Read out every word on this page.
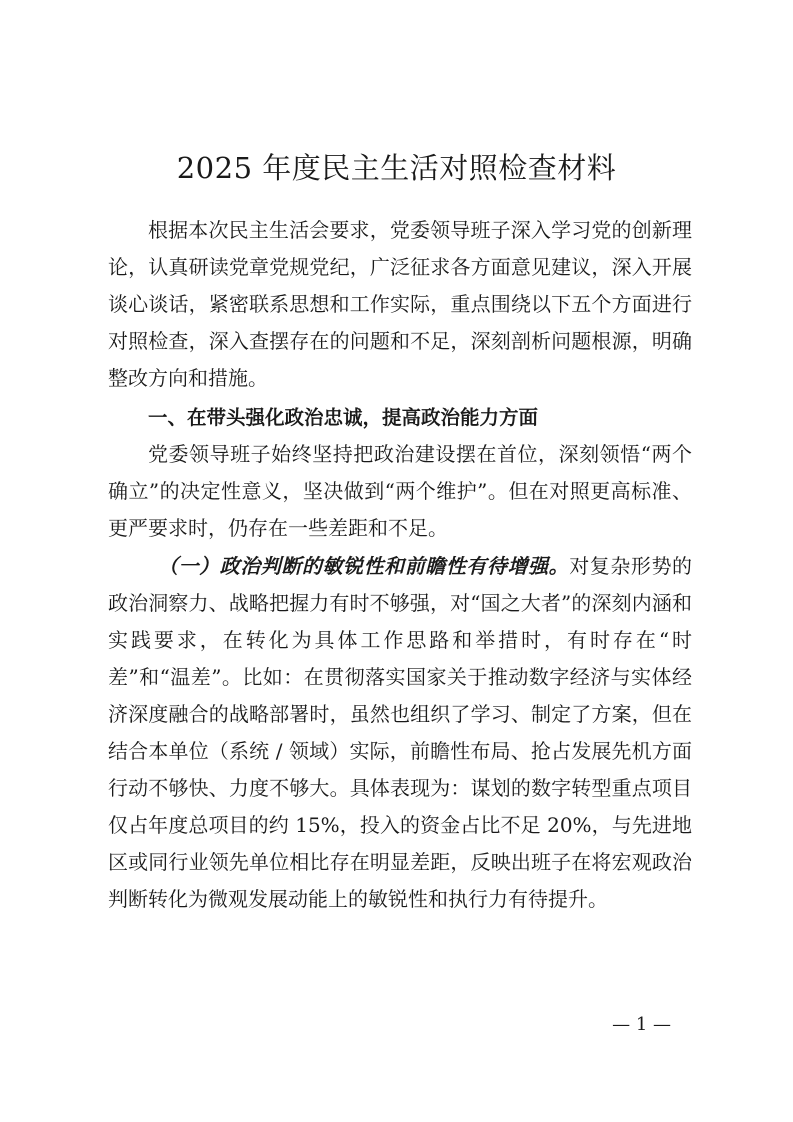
2025 年度民主生活对照检查材料

根据本次民主生活会要求，党委领导班子深入学习党的创新理论，认真研读党章党规党纪，广泛征求各方面意见建议，深入开展谈心谈话，紧密联系思想和工作实际，重点围绕以下五个方面进行对照检查，深入查摆存在的问题和不足，深刻剖析问题根源，明确整改方向和措施。

一、在带头强化政治忠诚，提高政治能力方面

党委领导班子始终坚持把政治建设摆在首位，深刻领悟“两个确立”的决定性意义，坚决做到“两个维护”。但在对照更高标准、更严要求时，仍存在一些差距和不足。

（一）政治判断的敏锐性和前瞻性有待增强。对复杂形势的政治洞察力、战略把握力有时不够强，对“国之大者”的深刻内涵和实践要求，在转化为具体工作思路和举措时，有时存在“时差”和“温差”。比如：在贯彻落实国家关于推动数字经济与实体经济深度融合的战略部署时，虽然也组织了学习、制定了方案，但在结合本单位（系统 / 领域）实际，前瞻性布局、抢占发展先机方面行动不够快、力度不够大。具体表现为：谋划的数字转型重点项目仅占年度总项目的约 15%，投入的资金占比不足 20%，与先进地区或同行业领先单位相比存在明显差距，反映出班子在将宏观政治判断转化为微观发展动能上的敏锐性和执行力有待提升。

— 1 —
